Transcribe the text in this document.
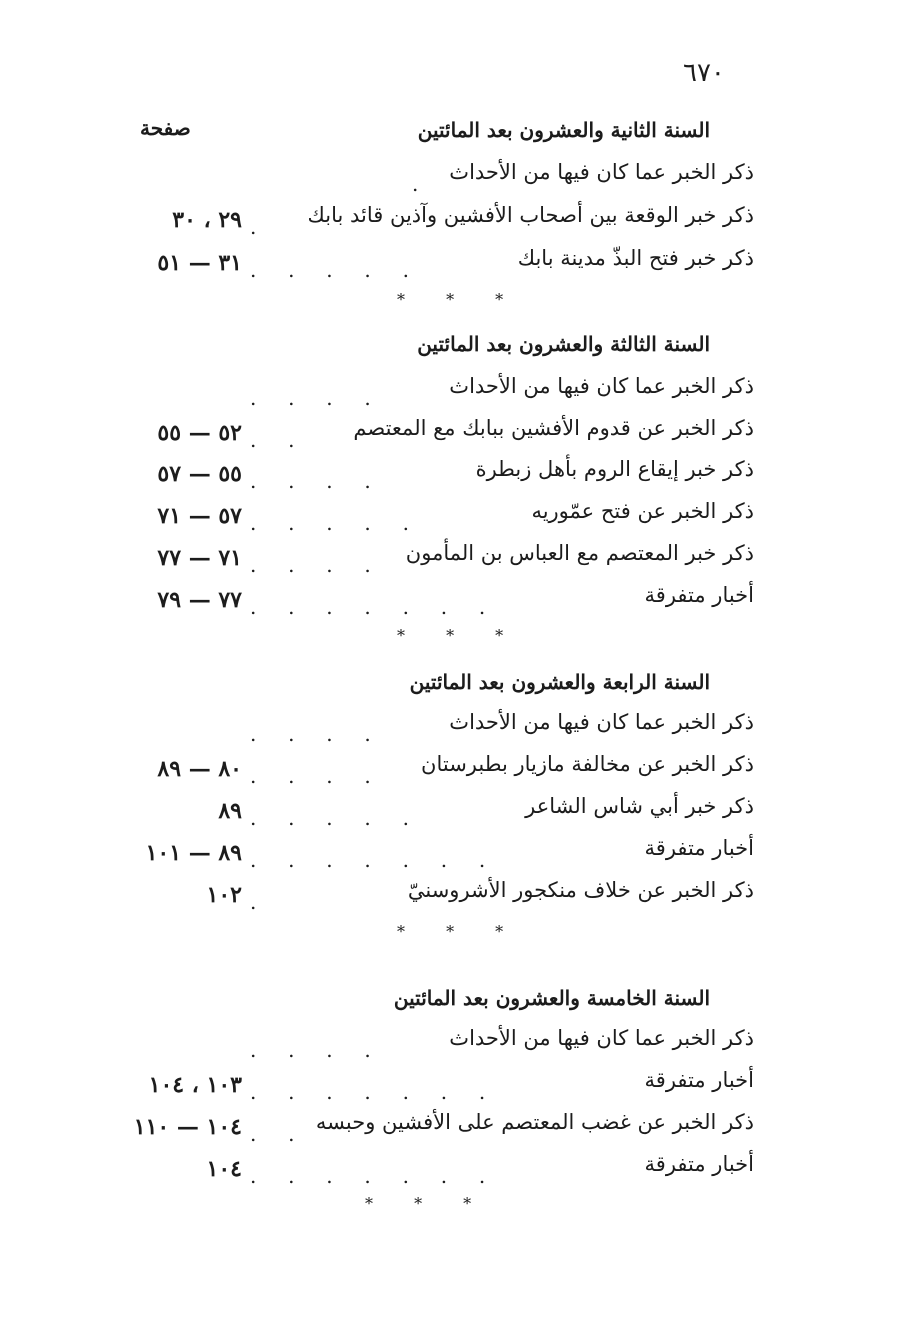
٦٧٠
صفحة	السنة الثانية والعشرون بعد المائتين
ذكر الخبر عما كان فيها من الأحداث
.
ذكر خبر الوقعة بين أصحاب الأفشين وآذين قائد بابك
.
٢٩ ، ٣٠
ذكر خبر فتح البذّ مدينة بابك
.     .     .     .     .
٣١ — ٥١
* * *
السنة الثالثة والعشرون بعد المائتين
ذكر الخبر عما كان فيها من الأحداث
.     .     .     .
ذكر الخبر عن قدوم الأفشين ببابك مع المعتصم
.     .
٥٢ — ٥٥
ذكر خبر إيقاع الروم بأهل زبطرة
.     .     .     .
٥٥ — ٥٧
ذكر الخبر عن فتح عمّوريه
.     .     .     .     .
٥٧ — ٧١
ذكر خبر المعتصم مع العباس بن المأمون
.     .     .     .
٧١ — ٧٧
أخبار متفرقة
.     .     .     .     .     .     .
٧٧ — ٧٩
* * *
السنة الرابعة والعشرون بعد المائتين
ذكر الخبر عما كان فيها من الأحداث
.     .     .     .
ذكر الخبر عن مخالفة مازيار بطبرستان
.     .     .     .
٨٠ — ٨٩
ذكر خبر أبي شاس الشاعر
.     .     .     .     .
٨٩
أخبار متفرقة
.     .     .     .     .     .     .
٨٩ — ١٠١
ذكر الخبر عن خلاف منكجور الأشروسنيّ
.
١٠٢
* * *
السنة الخامسة والعشرون بعد المائتين
ذكر الخبر عما كان فيها من الأحداث
.     .     .     .
أخبار متفرقة
.     .     .     .     .     .     .
١٠٣ ، ١٠٤
ذكر الخبر عن غضب المعتصم على الأفشين وحبسه
.     .
١٠٤ — ١١٠
أخبار متفرقة
.     .     .     .     .     .     .
١٠٤
* * *
